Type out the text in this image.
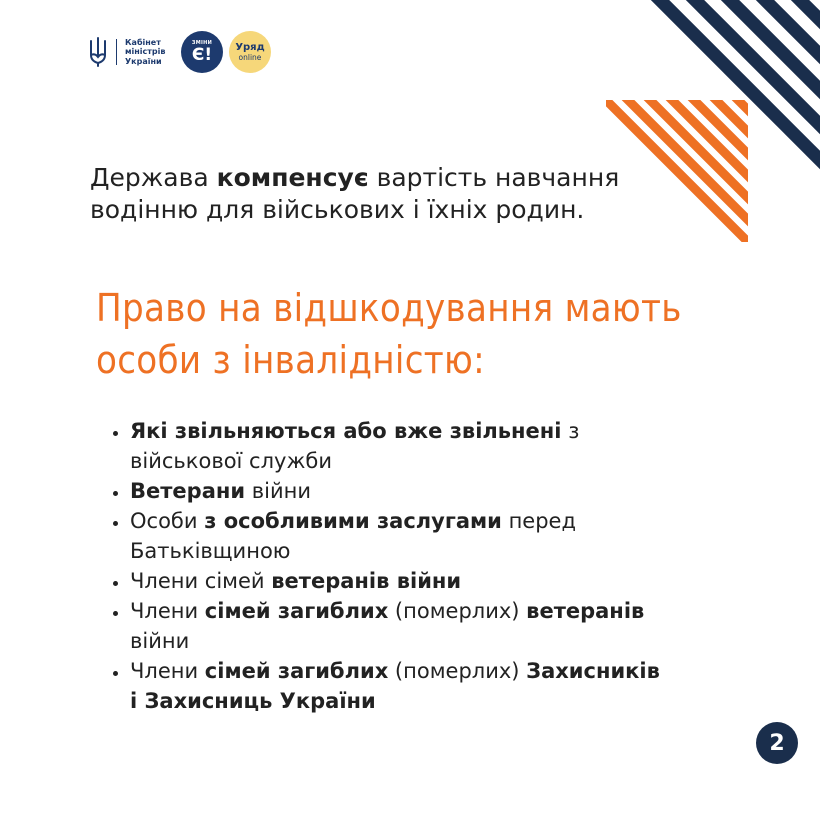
Кабінет
міністрів
України
ЗМІНИ
Є! Уряд
online
Держава компенсує вартість навчання водінню для військових і їхніх родин.
Право на відшкодування мають
особи з інвалідністю:
• Які звільняються або вже звільнені з військової служби
• Ветерани війни
• Особи з особливими заслугами перед Батьківщиною
• Члени сімей ветеранів війни
• Члени сімей загиблих (померлих) ветеранів війни
• Члени сімей загиблих (померлих) Захисників і Захисниць України
2
